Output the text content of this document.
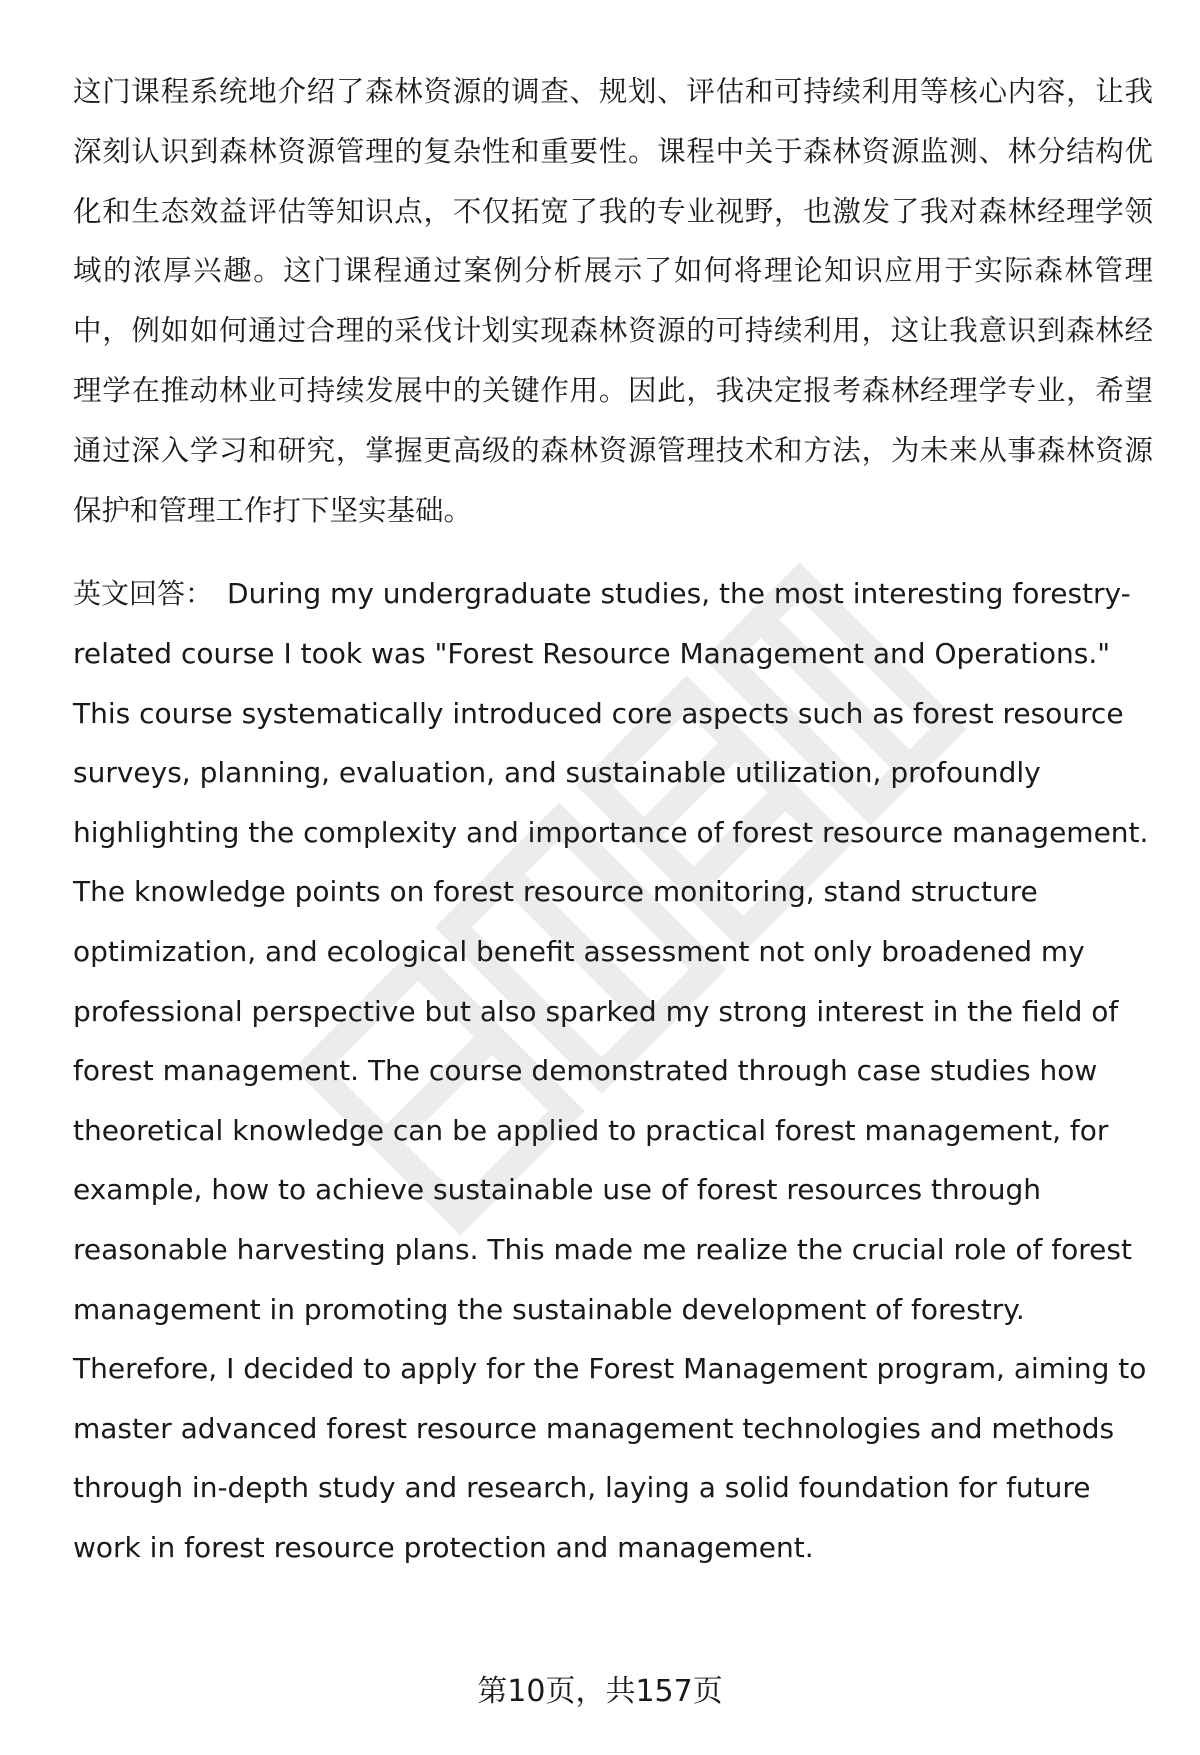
这门课程系统地介绍了森林资源的调查、规划、评估和可持续利用等核心内容，让我深刻认识到森林资源管理的复杂性和重要性。课程中关于森林资源监测、林分结构优化和生态效益评估等知识点，不仅拓宽了我的专业视野，也激发了我对森林经理学领域的浓厚兴趣。这门课程通过案例分析展示了如何将理论知识应用于实际森林管理中，例如如何通过合理的采伐计划实现森林资源的可持续利用，这让我意识到森林经理学在推动林业可持续发展中的关键作用。因此，我决定报考森林经理学专业，希望通过深入学习和研究，掌握更高级的森林资源管理技术和方法，为未来从事森林资源保护和管理工作打下坚实基础。

英文回答： During my undergraduate studies, the most interesting forestry-related course I took was "Forest Resource Management and Operations." This course systematically introduced core aspects such as forest resource surveys, planning, evaluation, and sustainable utilization, profoundly highlighting the complexity and importance of forest resource management. The knowledge points on forest resource monitoring, stand structure optimization, and ecological benefit assessment not only broadened my professional perspective but also sparked my strong interest in the field of forest management. The course demonstrated through case studies how theoretical knowledge can be applied to practical forest management, for example, how to achieve sustainable use of forest resources through reasonable harvesting plans. This made me realize the crucial role of forest management in promoting the sustainable development of forestry. Therefore, I decided to apply for the Forest Management program, aiming to master advanced forest resource management technologies and methods through in-depth study and research, laying a solid foundation for future work in forest resource protection and management.

第10页，共157页
